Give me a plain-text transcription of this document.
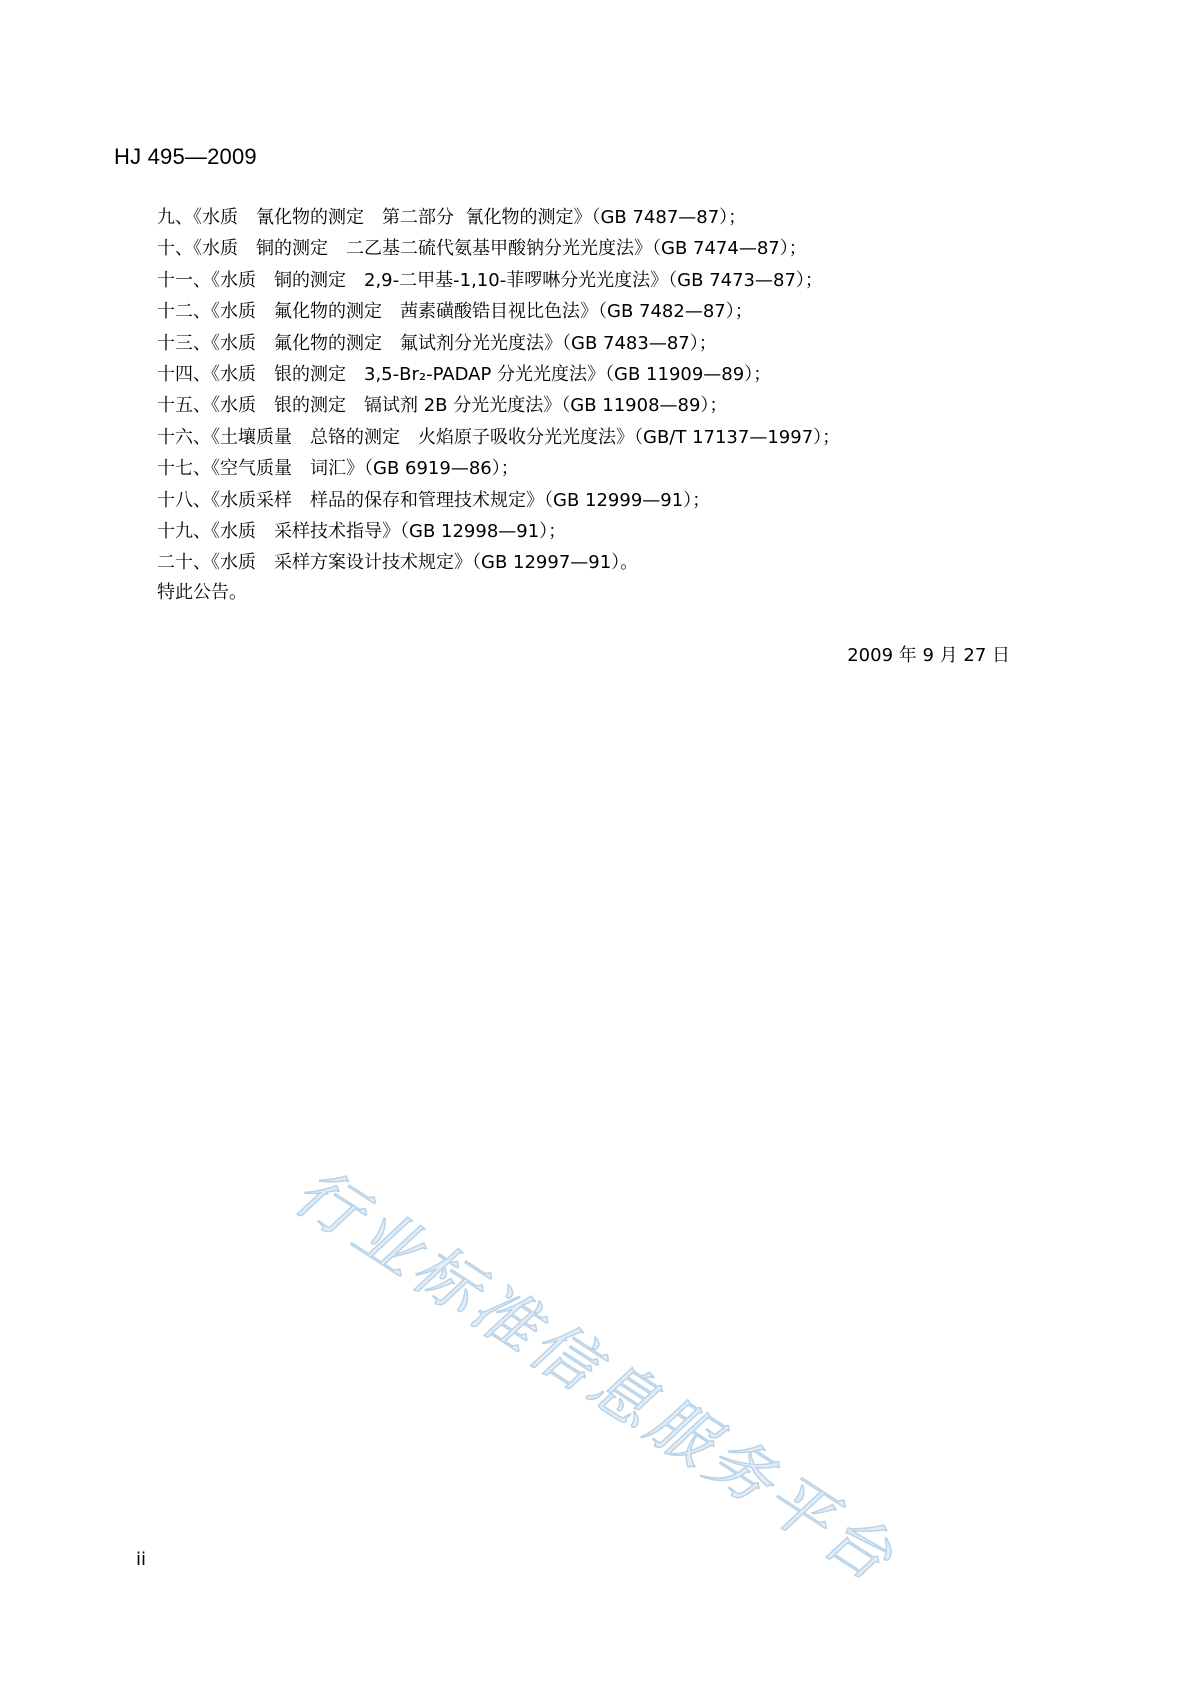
HJ 495—2009
九、《水质　氰化物的测定　第二部分  氰化物的测定》（GB 7487—87）；
十、《水质　铜的测定　二乙基二硫代氨基甲酸钠分光光度法》（GB 7474—87）；
十一、《水质　铜的测定　2,9-二甲基-1,10-菲啰啉分光光度法》（GB 7473—87）；
十二、《水质　氟化物的测定　茜素磺酸锆目视比色法》（GB 7482—87）；
十三、《水质　氟化物的测定　氟试剂分光光度法》（GB 7483—87）；
十四、《水质　银的测定　3,5-Br₂-PADAP 分光光度法》（GB 11909—89）；
十五、《水质　银的测定　镉试剂 2B 分光光度法》（GB 11908—89）；
十六、《土壤质量　总铬的测定　火焰原子吸收分光光度法》（GB/T 17137—1997）；
十七、《空气质量　词汇》（GB 6919—86）；
十八、《水质采样　样品的保存和管理技术规定》（GB 12999—91）；
十九、《水质　采样技术指导》（GB 12998—91）；
二十、《水质　采样方案设计技术规定》（GB 12997—91）。
特此公告。
2009 年 9 月 27 日
行业标准信息服务平台
ii
